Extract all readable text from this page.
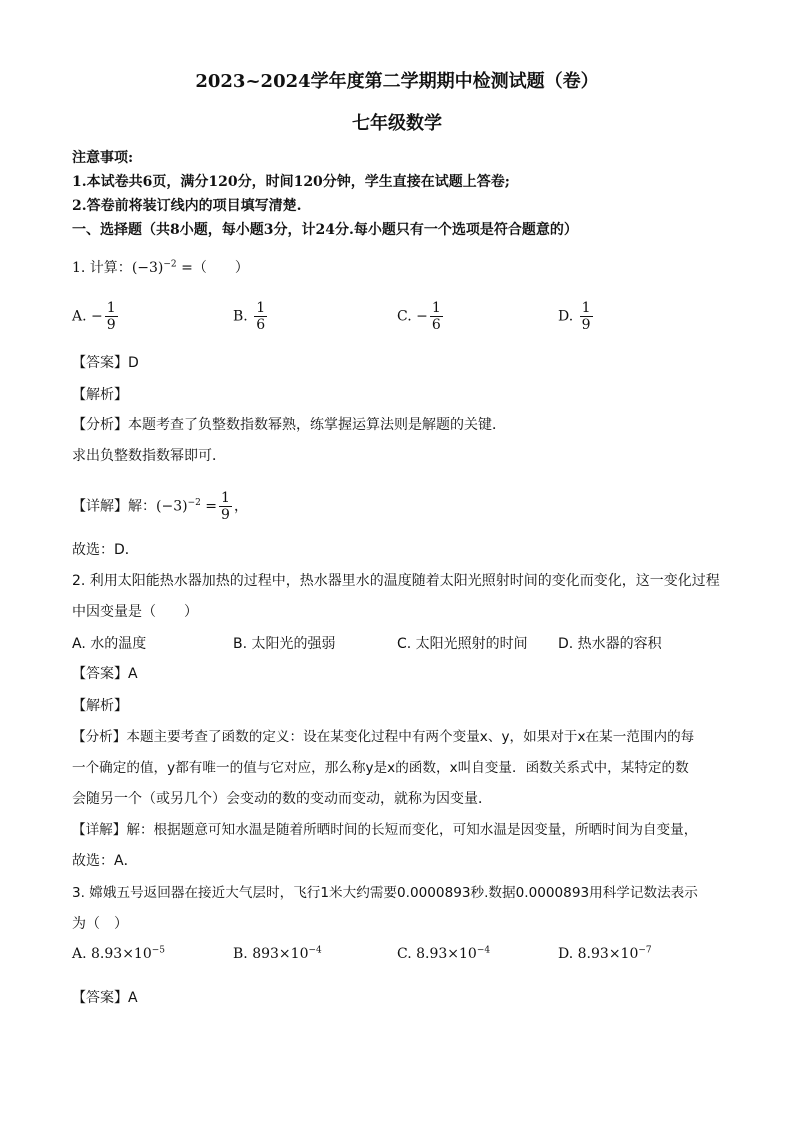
2023~2024学年度第二学期期中检测试题（卷）
七年级数学
注意事项:
1.本试卷共6页，满分120分，时间120分钟，学生直接在试题上答卷;
2.答卷前将装订线内的项目填写清楚.
一、选择题（共8小题，每小题3分，计24分.每小题只有一个选项是符合题意的）
1. 计算：$(-3)^{-2}$ =（　　）
A. − $\frac{1}{9}$	B. $\frac{1}{6}$	C. − $\frac{1}{6}$	D. $\frac{1}{9}$
【答案】D
【解析】
【分析】本题考查了负整数指数幂熟，练掌握运算法则是解题的关键．
求出负整数指数幂即可．
【详解】解：$(-3)^{-2} = \frac{1}{9}$ ，
故选：D．
2. 利用太阳能热水器加热的过程中，热水器里水的温度随着太阳光照射时间的变化而变化，这一变化过程
中因变量是（　　）
A. 水的温度	B. 太阳光的强弱	C. 太阳光照射的时间 D. 热水器的容积
【答案】A
【解析】
【分析】本题主要考查了函数的定义：设在某变化过程中有两个变量x、y，如果对于x在某一范围内的每
一个确定的值，y都有唯一的值与它对应，那么称y是x的函数，x叫自变量．函数关系式中，某特定的数
会随另一个（或另几个）会变动的数的变动而变动，就称为因变量．
【详解】解：根据题意可知水温是随着所晒时间的长短而变化，可知水温是因变量，所晒时间为自变量，
故选：A．
3. 嫦娥五号返回器在接近大气层时，飞行1米大约需要0.0000893秒.数据0.0000893用科学记数法表示
为（　）
A. $8.93\times 10^{-5}$	B. $893\times 10^{-4}$	C. $8.93\times 10^{-4}$	D. $8.93\times 10^{-7}$
【答案】A
